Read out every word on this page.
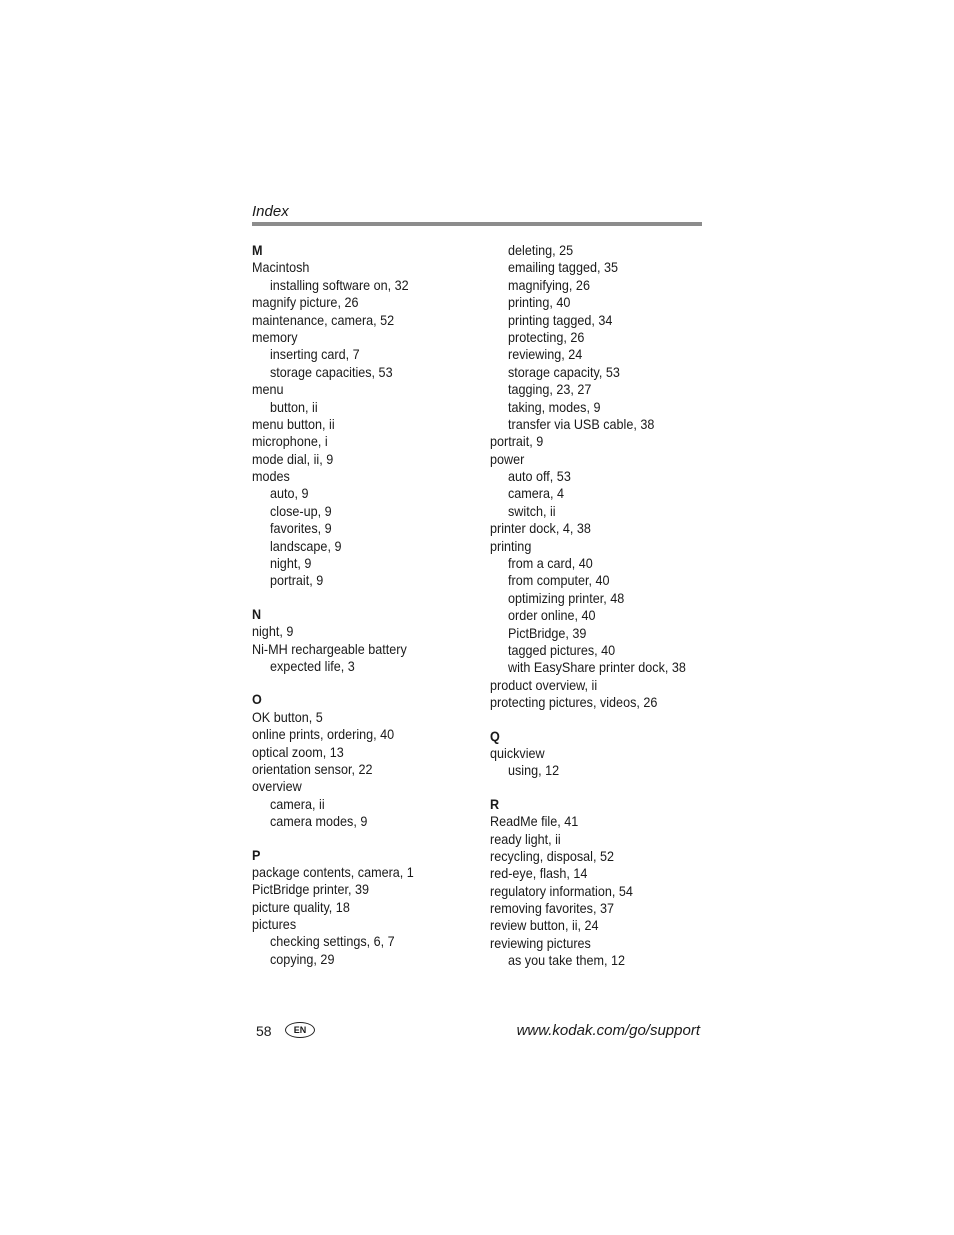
Index
M
Macintosh
installing software on, 32
magnify picture, 26
maintenance, camera, 52
memory
inserting card, 7
storage capacities, 53
menu
button, ii
menu button, ii
microphone, i
mode dial, ii, 9
modes
auto, 9
close-up, 9
favorites, 9
landscape, 9
night, 9
portrait, 9
N
night, 9
Ni-MH rechargeable battery
expected life, 3
O
OK button, 5
online prints, ordering, 40
optical zoom, 13
orientation sensor, 22
overview
camera, ii
camera modes, 9
P
package contents, camera, 1
PictBridge printer, 39
picture quality, 18
pictures
checking settings, 6, 7
copying, 29
deleting, 25
emailing tagged, 35
magnifying, 26
printing, 40
printing tagged, 34
protecting, 26
reviewing, 24
storage capacity, 53
tagging, 23, 27
taking, modes, 9
transfer via USB cable, 38
portrait, 9
power
auto off, 53
camera, 4
switch, ii
printer dock, 4, 38
printing
from a card, 40
from computer, 40
optimizing printer, 48
order online, 40
PictBridge, 39
tagged pictures, 40
with EasyShare printer dock, 38
product overview, ii
protecting pictures, videos, 26
Q
quickview
using, 12
R
ReadMe file, 41
ready light, ii
recycling, disposal, 52
red-eye, flash, 14
regulatory information, 54
removing favorites, 37
review button, ii, 24
reviewing pictures
as you take them, 12
58	EN	www.kodak.com/go/support
